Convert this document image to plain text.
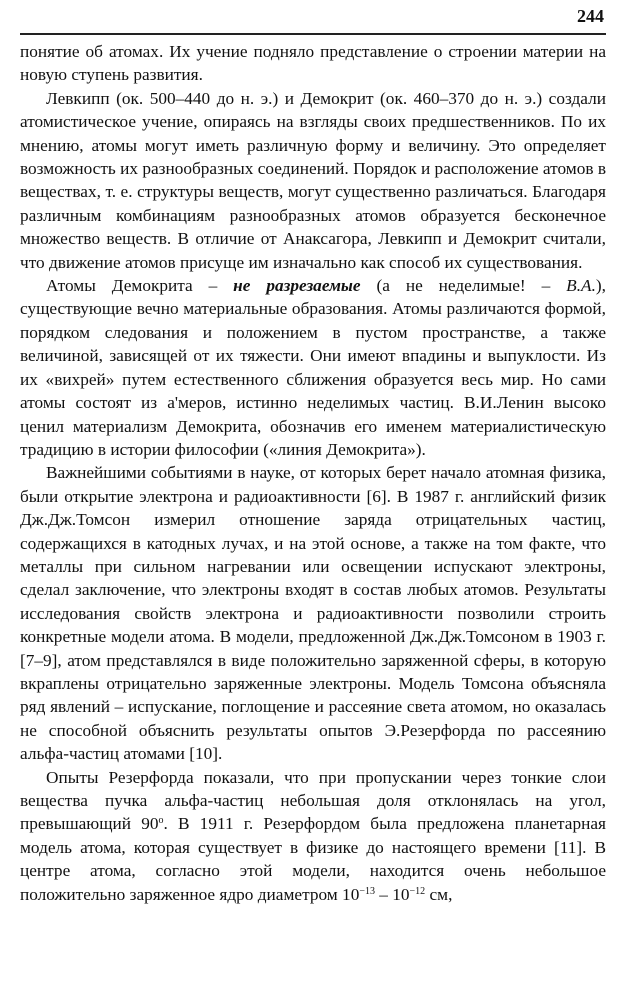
244

понятие об атомах. Их учение подняло представление о строении материи на новую ступень развития.

Левкипп (ок. 500–440 до н. э.) и Демокрит (ок. 460–370 до н. э.) создали атомистическое учение, опираясь на взгляды своих предшественников. По их мнению, атомы могут иметь различную форму и величину. Это определяет возможность их разнообразных соединений. Порядок и расположение атомов в веществах, т. е. структуры веществ, могут существенно различаться. Благодаря различным комбинациям разнообразных атомов образуется бесконечное множество веществ. В отличие от Анаксагора, Левкипп и Демокрит считали, что движение атомов присуще им изначально как способ их существования.

Атомы Демокрита – не разрезаемые (а не неделимые! – В.А.), существующие вечно материальные образования. Атомы различаются формой, порядком следования и положением в пустом пространстве, а также величиной, зависящей от их тяжести. Они имеют впадины и выпуклости. Из их «вихрей» путем естественного сближения образуется весь мир. Но сами атомы состоят из а'меров, истинно неделимых частиц. В.И.Ленин высоко ценил материализм Демокрита, обозначив его именем материалистическую традицию в истории философии («линия Демокрита»).

Важнейшими событиями в науке, от которых берет начало атомная физика, были открытие электрона и радиоактивности [6]. В 1987 г. английский физик Дж.Дж.Томсон измерил отношение заряда отрицательных частиц, содержащихся в катодных лучах, и на этой основе, а также на том факте, что металлы при сильном нагревании или освещении испускают электроны, сделал заключение, что электроны входят в состав любых атомов. Результаты исследования свойств электрона и радиоактивности позволили строить конкретные модели атома. В модели, предложенной Дж.Дж.Томсоном в 1903 г. [7–9], атом представлялся в виде положительно заряженной сферы, в которую вкраплены отрицательно заряженные электроны. Модель Томсона объясняла ряд явлений – испускание, поглощение и рассеяние света атомом, но оказалась не способной объяснить результаты опытов Э.Резерфорда по рассеянию альфа-частиц атомами [10].

Опыты Резерфорда показали, что при пропускании через тонкие слои вещества пучка альфа-частиц небольшая доля отклонялась на угол, превышающий 90$^o$. В 1911 г. Резерфордом была предложена планетарная модель атома, которая существует в физике до настоящего времени [11]. В центре атома, согласно этой модели, находится очень небольшое положительно заряженное ядро диаметром $10^{-13} - 10^{-12}$ см,
